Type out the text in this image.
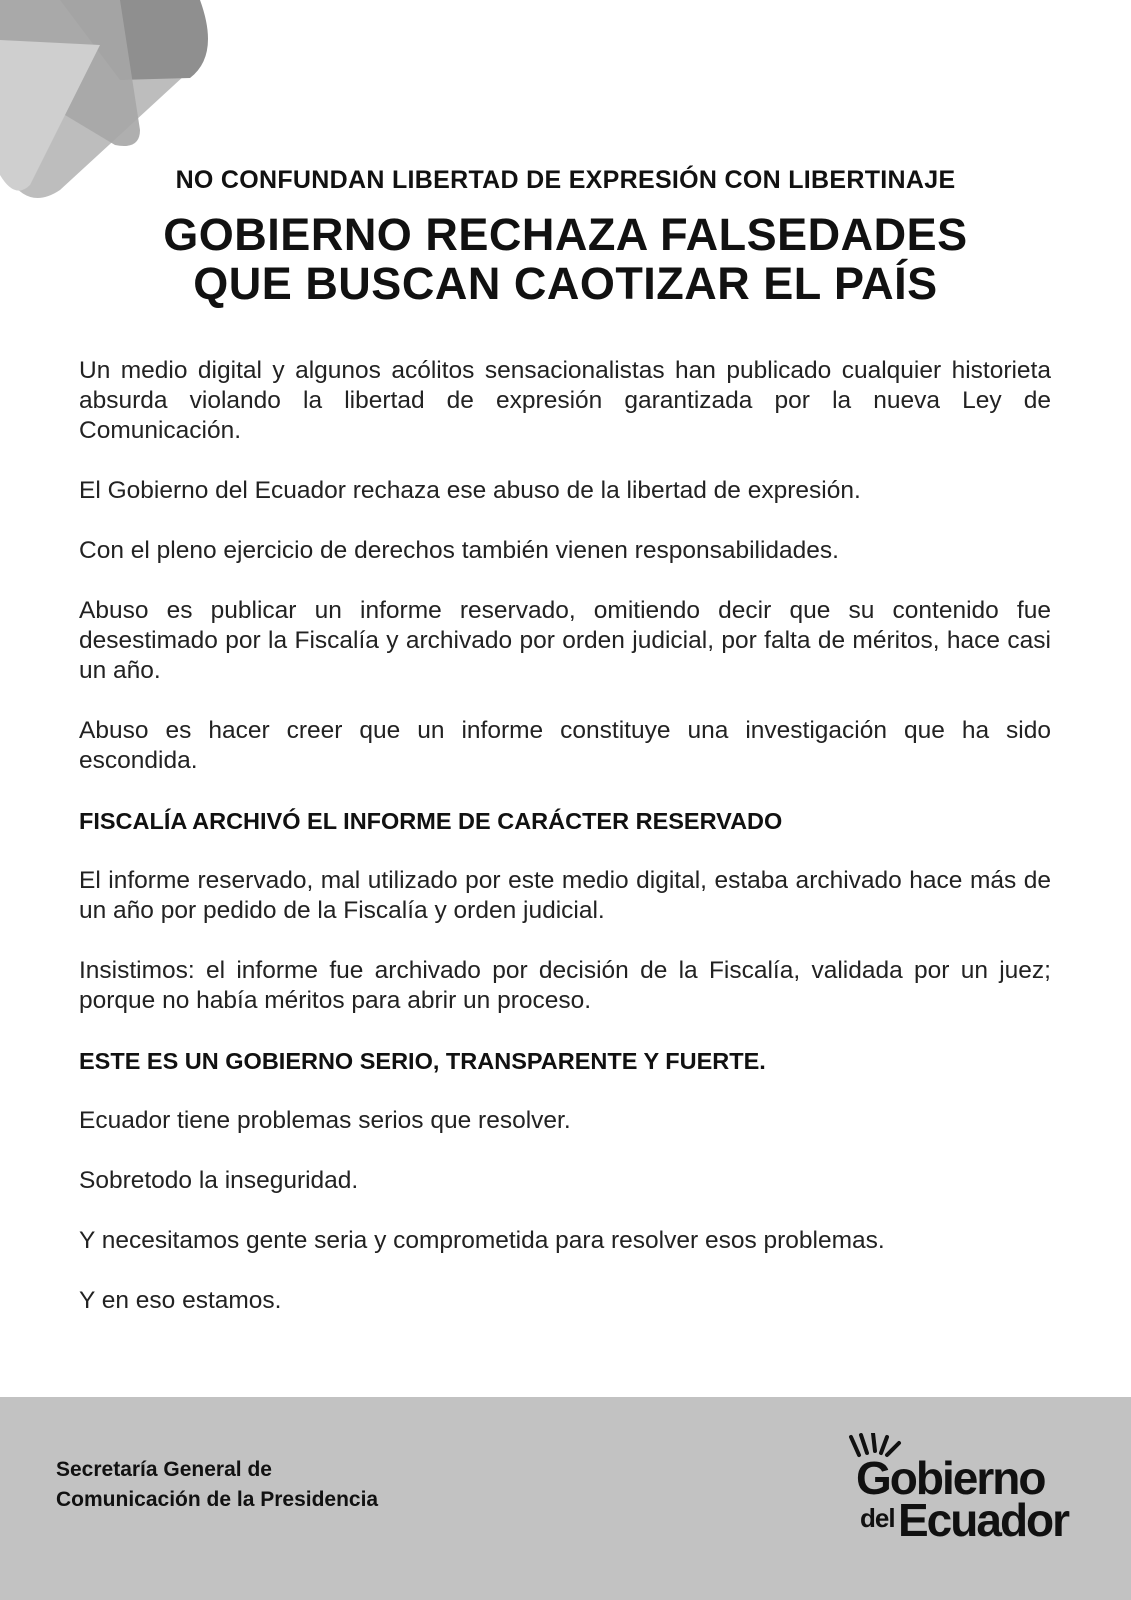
NO CONFUNDAN LIBERTAD DE EXPRESIÓN CON LIBERTINAJE
GOBIERNO RECHAZA FALSEDADES
QUE BUSCAN CAOTIZAR EL PAÍS

Un medio digital y algunos acólitos sensacionalistas han publicado cualquier historieta absurda violando la libertad de expresión garantizada por la nueva Ley de Comunicación.

El Gobierno del Ecuador rechaza ese abuso de la libertad de expresión.

Con el pleno ejercicio de derechos también vienen responsabilidades.

Abuso es publicar un informe reservado, omitiendo decir que su contenido fue desestimado por la Fiscalía y archivado por orden judicial, por falta de méritos, hace casi un año.

Abuso es hacer creer que un informe constituye una investigación que ha sido escondida.

FISCALÍA ARCHIVÓ EL INFORME DE CARÁCTER RESERVADO

El informe reservado, mal utilizado por este medio digital, estaba archivado hace más de un año por pedido de la Fiscalía y orden judicial.

Insistimos: el informe fue archivado por decisión de la Fiscalía, validada por un juez; porque no había méritos para abrir un proceso.

ESTE ES UN GOBIERNO SERIO, TRANSPARENTE Y FUERTE.

Ecuador tiene problemas serios que resolver.

Sobretodo la inseguridad.

Y necesitamos gente seria y comprometida para resolver esos problemas.

Y en eso estamos.

Secretaría General de
Comunicación de la Presidencia	Gobierno
del Ecuador
